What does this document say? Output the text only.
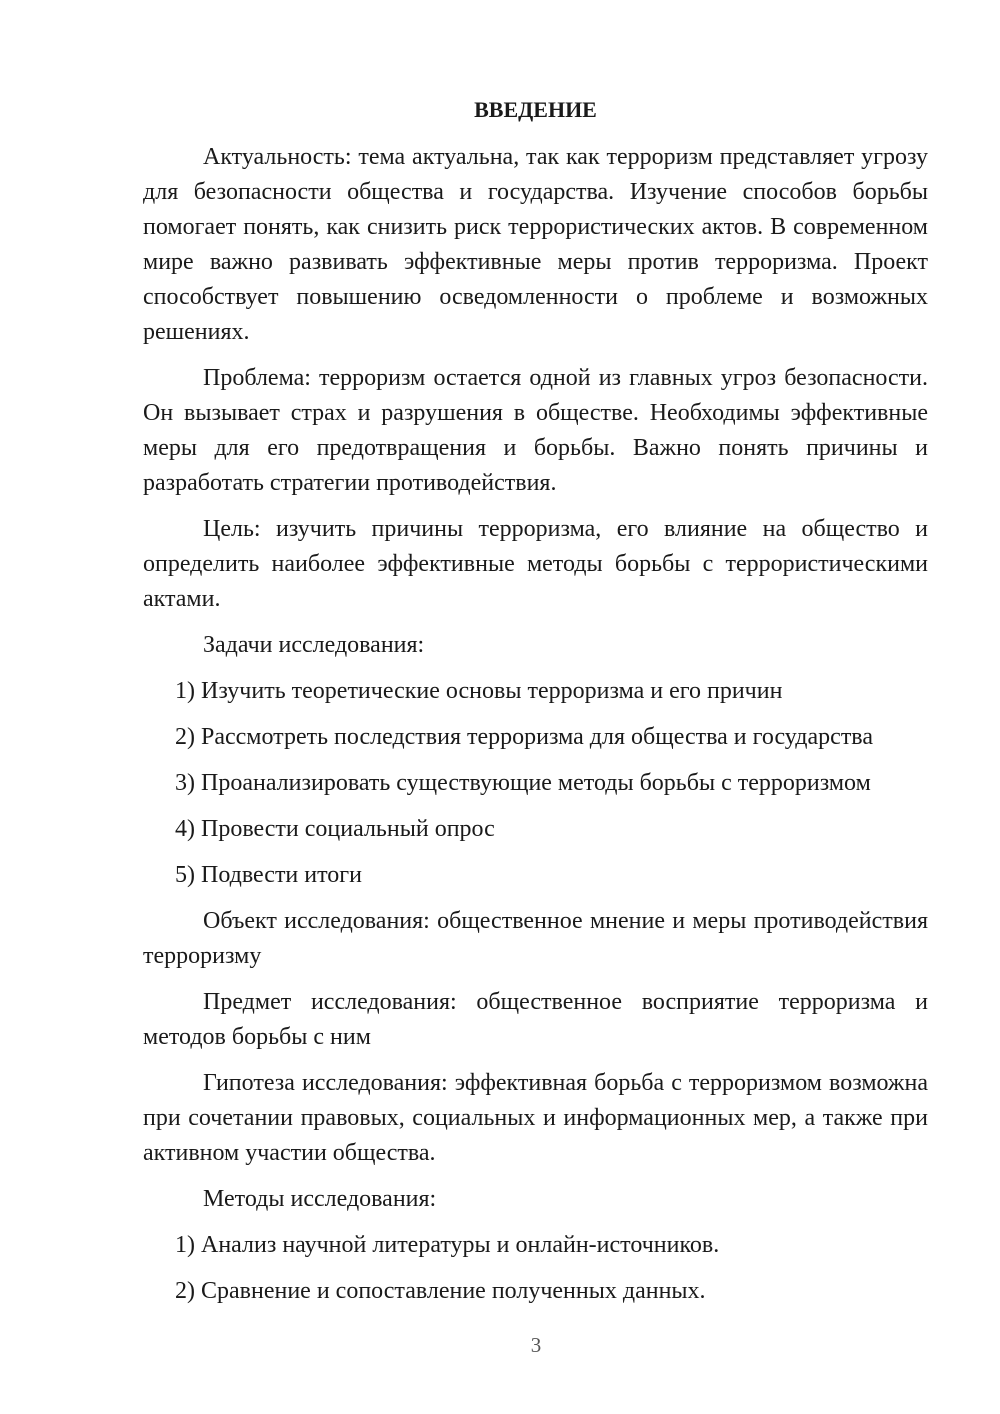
ВВЕДЕНИЕ

Актуальность: тема актуальна, так как терроризм представляет угрозу для безопасности общества и государства. Изучение способов борьбы помогает понять, как снизить риск террористических актов. В современном мире важно развивать эффективные меры против терроризма. Проект способствует повышению осведомленности о проблеме и возможных решениях.

Проблема: терроризм остается одной из главных угроз безопасности. Он вызывает страх и разрушения в обществе. Необходимы эффективные меры для его предотвращения и борьбы. Важно понять причины и разработать стратегии противодействия.

Цель: изучить причины терроризма, его влияние на общество и определить наиболее эффективные методы борьбы с террористическими актами.

Задачи исследования:

1) Изучить теоретические основы терроризма и его причин

2) Рассмотреть последствия терроризма для общества и государства

3) Проанализировать существующие методы борьбы с терроризмом

4) Провести социальный опрос

5) Подвести итоги

Объект исследования: общественное мнение и меры противодействия терроризму

Предмет исследования: общественное восприятие терроризма и методов борьбы с ним

Гипотеза исследования: эффективная борьба с терроризмом возможна при сочетании правовых, социальных и информационных мер, а также при активном участии общества.

Методы исследования:

1) Анализ научной литературы и онлайн-источников.

2) Сравнение и сопоставление полученных данных.

3
